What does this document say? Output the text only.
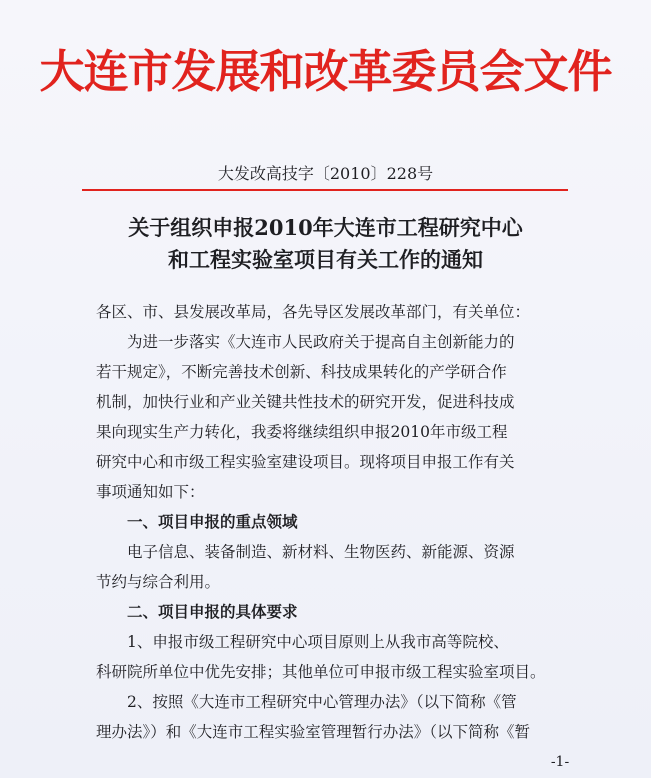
大连市发展和改革委员会文件
大发改高技字〔2010〕228号
关于组织申报2010年大连市工程研究中心
和工程实验室项目有关工作的通知
各区、市、县发展改革局，各先导区发展改革部门，有关单位：
为进一步落实《大连市人民政府关于提高自主创新能力的
若干规定》，不断完善技术创新、科技成果转化的产学研合作
机制，加快行业和产业关键共性技术的研究开发，促进科技成
果向现实生产力转化，我委将继续组织申报2010年市级工程
研究中心和市级工程实验室建设项目。现将项目申报工作有关
事项通知如下：
一、项目申报的重点领域
电子信息、装备制造、新材料、生物医药、新能源、资源
节约与综合利用。
二、项目申报的具体要求
1、申报市级工程研究中心项目原则上从我市高等院校、
科研院所单位中优先安排；其他单位可申报市级工程实验室项目。
2、按照《大连市工程研究中心管理办法》（以下简称《管
理办法》）和《大连市工程实验室管理暂行办法》（以下简称《暂
-1-
